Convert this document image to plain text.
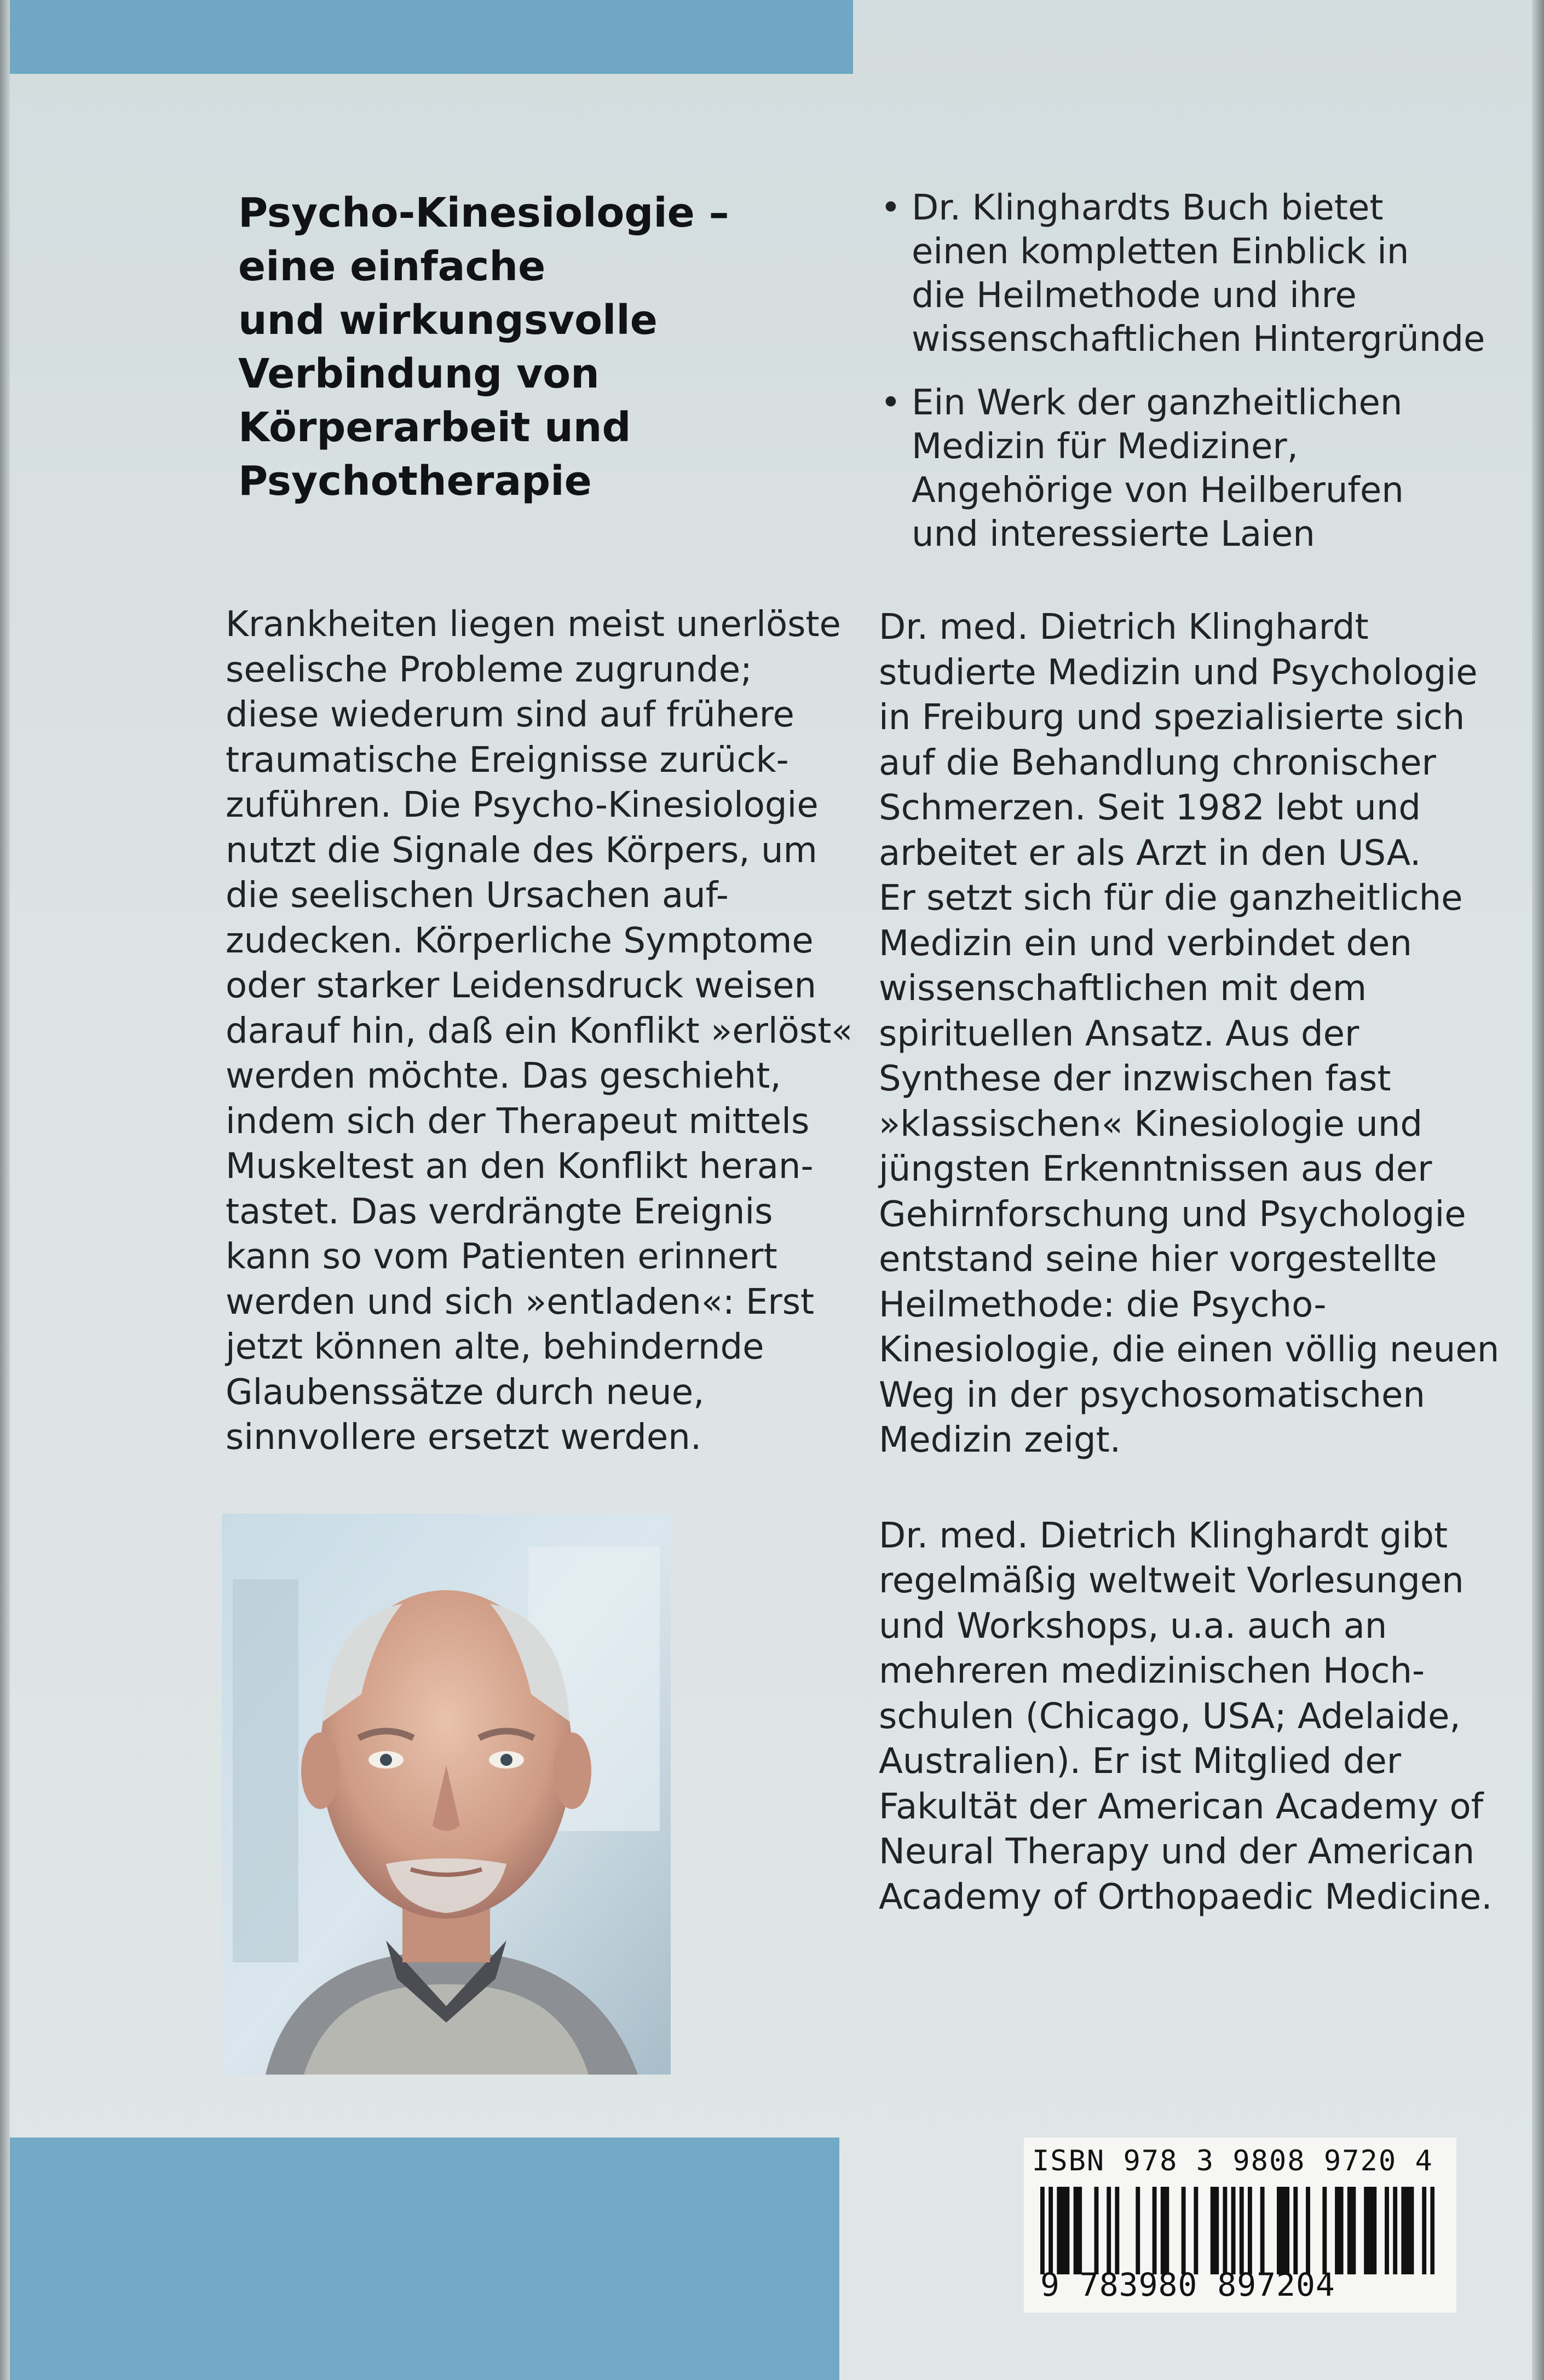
Psycho-Kinesiologie –
eine einfache
und wirkungsvolle
Verbindung von
Körperarbeit und
Psychotherapie
• Dr. Klinghardts Buch bietet
einen kompletten Einblick in
die Heilmethode und ihre
wissenschaftlichen Hintergründe
• Ein Werk der ganzheitlichen
Medizin für Mediziner,
Angehörige von Heilberufen
und interessierte Laien
Krankheiten liegen meist unerlöste
seelische Probleme zugrunde;
diese wiederum sind auf frühere
traumatische Ereignisse zurück-
zuführen. Die Psycho-Kinesiologie
nutzt die Signale des Körpers, um
die seelischen Ursachen auf-
zudecken. Körperliche Symptome
oder starker Leidensdruck weisen
darauf hin, daß ein Konflikt »erlöst«
werden möchte. Das geschieht,
indem sich der Therapeut mittels
Muskeltest an den Konflikt heran-
tastet. Das verdrängte Ereignis
kann so vom Patienten erinnert
werden und sich »entladen«: Erst
jetzt können alte, behindernde
Glaubenssätze durch neue,
sinnvollere ersetzt werden.
Dr. med. Dietrich Klinghardt
studierte Medizin und Psychologie
in Freiburg und spezialisierte sich
auf die Behandlung chronischer
Schmerzen. Seit 1982 lebt und
arbeitet er als Arzt in den USA.
Er setzt sich für die ganzheitliche
Medizin ein und verbindet den
wissenschaftlichen mit dem
spirituellen Ansatz. Aus der
Synthese der inzwischen fast
»klassischen« Kinesiologie und
jüngsten Erkenntnissen aus der
Gehirnforschung und Psychologie
entstand seine hier vorgestellte
Heilmethode: die Psycho-
Kinesiologie, die einen völlig neuen
Weg in der psychosomatischen
Medizin zeigt.
Dr. med. Dietrich Klinghardt gibt
regelmäßig weltweit Vorlesungen
und Workshops, u.a. auch an
mehreren medizinischen Hoch-
schulen (Chicago, USA; Adelaide,
Australien). Er ist Mitglied der
Fakultät der American Academy of
Neural Therapy und der American
Academy of Orthopaedic Medicine.
ISBN 978 3 9808 9720 4
9 783980 897204
